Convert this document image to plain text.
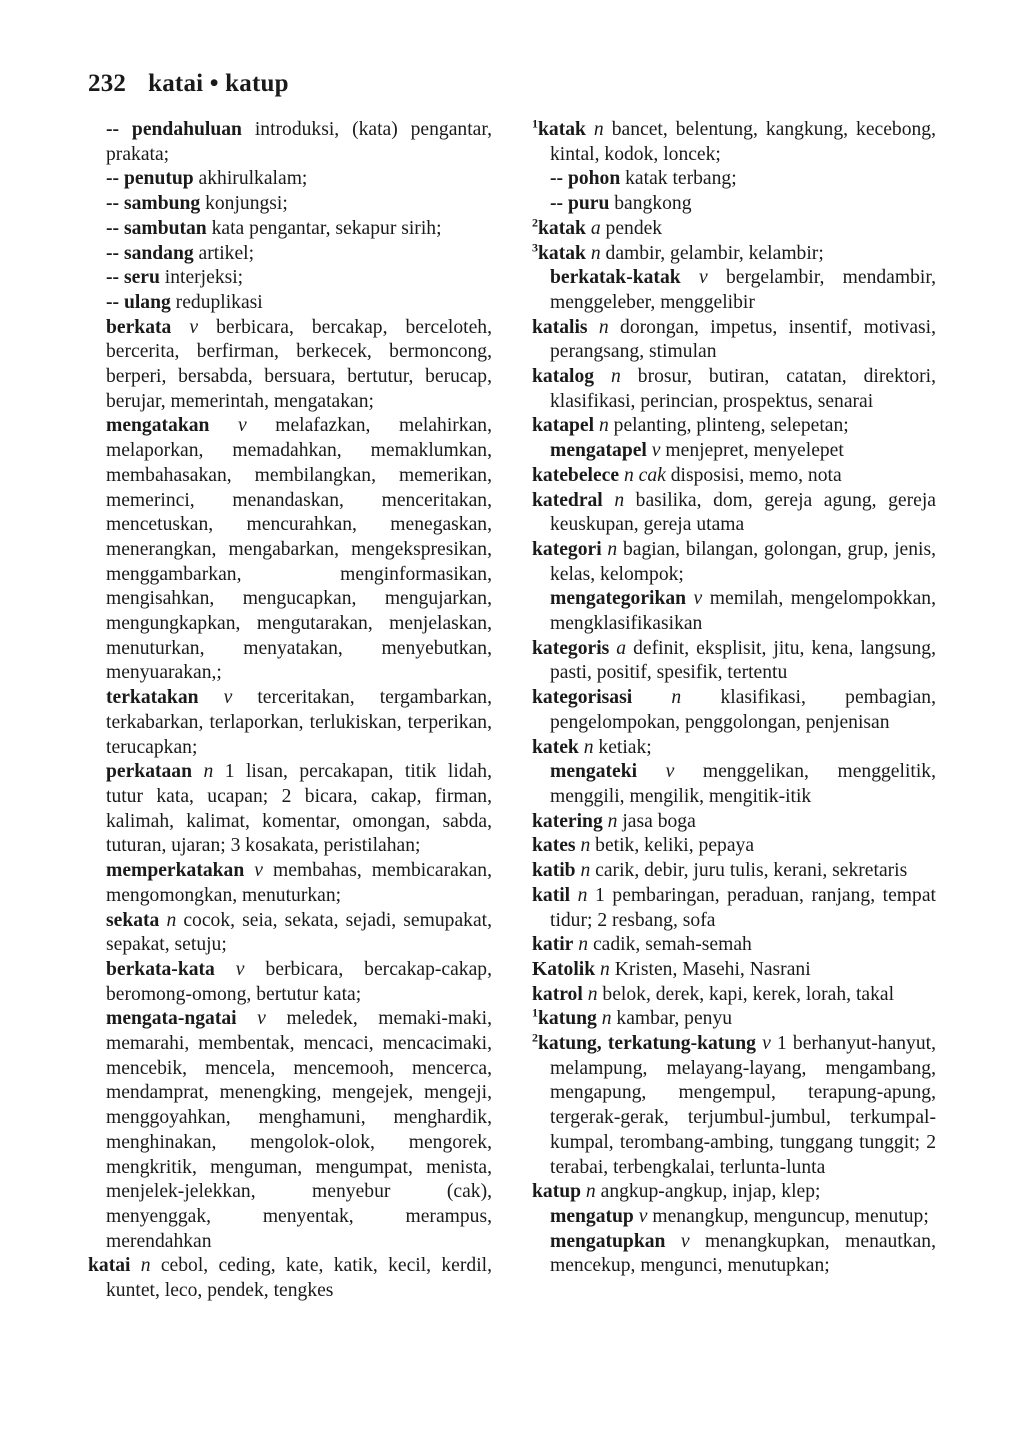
232 katai • katup
-- pendahuluan introduksi, (kata) pengantar, prakata;
-- penutup akhirulkalam;
-- sambung konjungsi;
-- sambutan kata pengantar, sekapur sirih;
-- sandang artikel;
-- seru interjeksi;
-- ulang reduplikasi
berkata v berbicara, bercakap, berceloteh, bercerita, berfirman, berkecek, bermoncong, berperi, bersabda, bersuara, bertutur, berucap, berujar, memerintah, mengatakan;
mengatakan v melafazkan, melahirkan, melaporkan, memadahkan, memaklumkan, membahasakan, membilangkan, memerikan, memerinci, menandaskan, menceritakan, mencetuskan, mencurahkan, menegaskan, menerangkan, mengabarkan, mengekspresikan, menggambarkan, menginformasikan, mengisahkan, mengucapkan, mengujarkan, mengungkapkan, mengutarakan, menjelaskan, menuturkan, menyatakan, menyebutkan, menyuarakan,;
terkatakan v terceritakan, tergambarkan, terkabarkan, terlaporkan, terlukiskan, terperikan, terucapkan;
perkataan n 1 lisan, percakapan, titik lidah, tutur kata, ucapan; 2 bicara, cakap, firman, kalimah, kalimat, komentar, omongan, sabda, tuturan, ujaran; 3 kosakata, peristilahan;
memperkatakan v membahas, membicarakan, mengomongkan, menuturkan;
sekata n cocok, seia, sekata, sejadi, semupakat, sepakat, setuju;
berkata-kata v berbicara, bercakap-cakap, beromong-omong, bertutur kata;
mengata-ngatai v meledek, memaki-maki, memarahi, membentak, mencaci, mencacimaki, mencebik, mencela, mencemooh, mencerca, mendamprat, menengking, mengejek, mengeji, menggoyahkan, menghamuni, menghardik, menghinakan, mengolok-olok, mengorek, mengkritik, menguman, mengumpat, menista, menjelek-jelekkan, menyebur (cak), menyenggak, menyentak, merampus, merendahkan
katai n cebol, ceding, kate, katik, kecil, kerdil, kuntet, leco, pendek, tengkes
$^1$katak n bancet, belentung, kangkung, kecebong, kintal, kodok, loncek;
-- pohon katak terbang;
-- puru bangkong
$^2$katak a pendek
$^3$katak n dambir, gelambir, kelambir;
berkatak-katak v bergelambir, mendambir, menggeleber, menggelibir
katalis n dorongan, impetus, insentif, motivasi, perangsang, stimulan
katalog n brosur, butiran, catatan, direktori, klasifikasi, perincian, prospektus, senarai
katapel n pelanting, plinteng, selepetan;
mengatapel v menjepret, menyelepet
katebelece n cak disposisi, memo, nota
katedral n basilika, dom, gereja agung, gereja keuskupan, gereja utama
kategori n bagian, bilangan, golongan, grup, jenis, kelas, kelompok;
mengategorikan v memilah, mengelompokkan, mengklasifikasikan
kategoris a definit, eksplisit, jitu, kena, langsung, pasti, positif, spesifik, tertentu
kategorisasi n klasifikasi, pembagian, pengelompokan, penggolongan, penjenisan
katek n ketiak;
mengateki v menggelikan, menggelitik, menggili, mengilik, mengitik-itik
katering n jasa boga
kates n betik, keliki, pepaya
katib n carik, debir, juru tulis, kerani, sekretaris
katil n 1 pembaringan, peraduan, ranjang, tempat tidur; 2 resbang, sofa
katir n cadik, semah-semah
Katolik n Kristen, Masehi, Nasrani
katrol n belok, derek, kapi, kerek, lorah, takal
$^1$katung n kambar, penyu
$^2$katung, terkatung-katung v 1 berhanyut-hanyut, melampung, melayang-layang, mengambang, mengapung, mengempul, terapung-apung, tergerak-gerak, terjumbul-jumbul, terkumpal-kumpal, terombang-ambing, tunggang tunggit; 2 terabai, terbengkalai, terlunta-lunta
katup n angkup-angkup, injap, klep;
mengatup v menangkup, menguncup, menutup;
mengatupkan v menangkupkan, menautkan, mencekup, mengunci, menutupkan;
